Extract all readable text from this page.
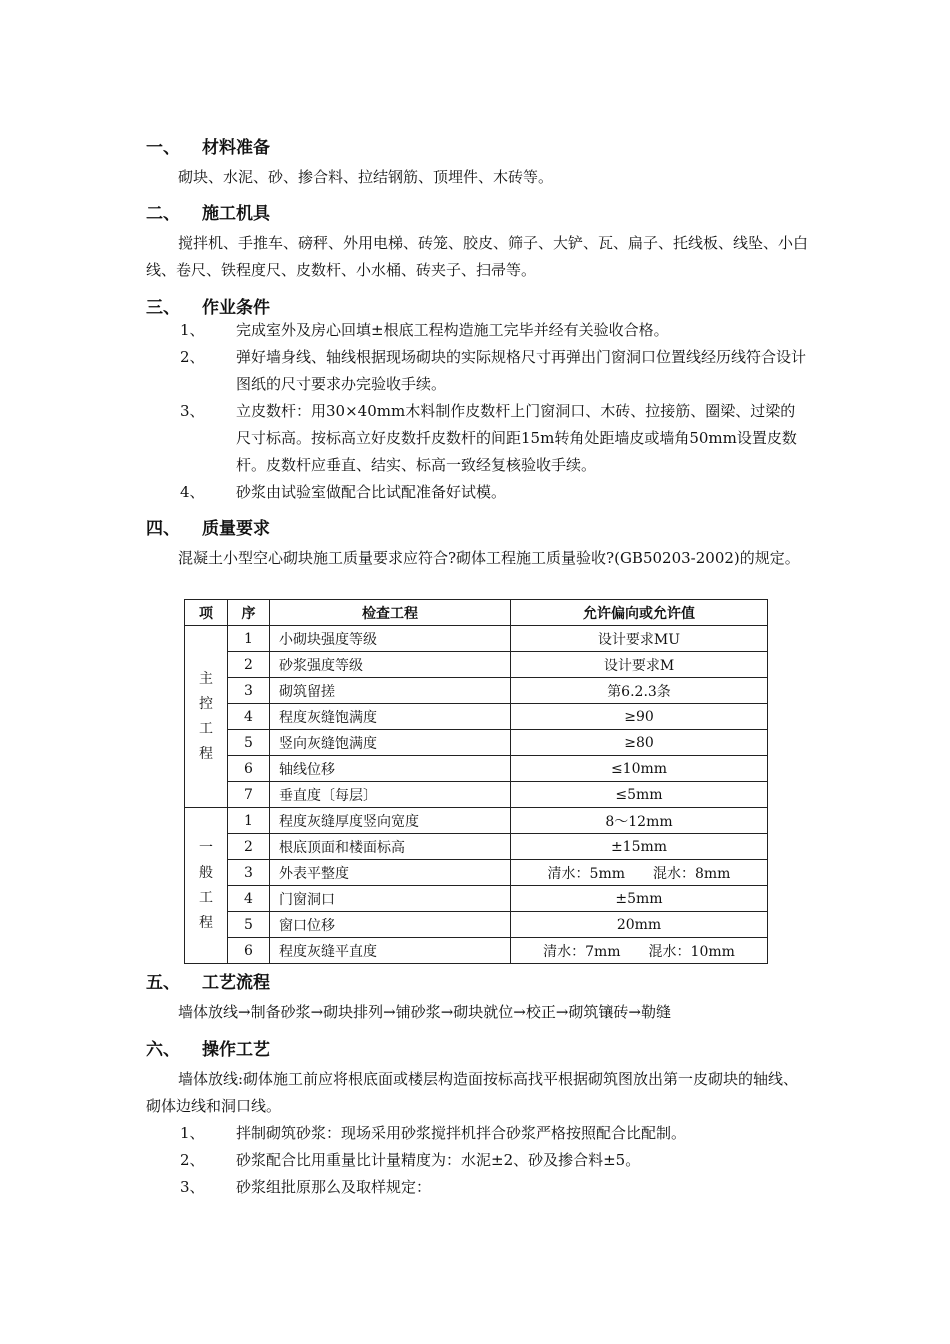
一、 材料准备
砌块、水泥、砂、掺合料、拉结钢筋、顶埋件、木砖等。
二、 施工机具
搅拌机、手推车、磅秤、外用电梯、砖笼、胶皮、筛子、大铲、瓦、扁子、托线板、线坠、小白线、卷尺、铁程度尺、皮数杆、小水桶、砖夹子、扫帚等。
三、 作业条件
1、 完成室外及房心回填±根底工程构造施工完毕并经有关验收合格。
2、 弹好墙身线、轴线根据现场砌块的实际规格尺寸再弹出门窗洞口位置线经历线符合设计图纸的尺寸要求办完验收手续。
3、 立皮数杆：用30×40mm木料制作皮数杆上门窗洞口、木砖、拉接筋、圈梁、过梁的尺寸标高。按标高立好皮数扦皮数杆的间距15m转角处距墙皮或墙角50mm设置皮数杆。皮数杆应垂直、结实、标高一致经复核验收手续。
4、 砂浆由试验室做配合比试配准备好试模。
四、 质量要求
混凝土小型空心砌块施工质量要求应符合?砌体工程施工质量验收?(GB50203-2002)的规定。
项	序	检查工程	允许偏向或允许值

主
控
工
程	1	小砌块强度等级	设计要求MU
	2	砂浆强度等级	设计要求M
	3	砌筑留搓	第6.2.3条
	4	程度灰缝饱满度	≥90
	5	竖向灰缝饱满度	≥80
	6	轴线位移	≤10mm
	7	垂直度〔每层〕	≤5mm

一
般
工
程	1	程度灰缝厚度竖向宽度	8～12mm
	2	根底顶面和楼面标高	±15mm
	3	外表平整度	清水：5mm　　混水：8mm
	4	门窗洞口	±5mm
	5	窗口位移	20mm
	6	程度灰缝平直度	清水：7mm　　混水：10mm
五、 工艺流程
墙体放线→制备砂浆→砌块排列→铺砂浆→砌块就位→校正→砌筑镶砖→勒缝
六、 操作工艺
墙体放线:砌体施工前应将根底面或楼层构造面按标高找平根据砌筑图放出第一皮砌块的轴线、砌体边线和洞口线。
1、 拌制砌筑砂浆：现场采用砂浆搅拌机拌合砂浆严格按照配合比配制。
2、 砂浆配合比用重量比计量精度为：水泥±2、砂及掺合料±5。
3、 砂浆组批原那么及取样规定：
